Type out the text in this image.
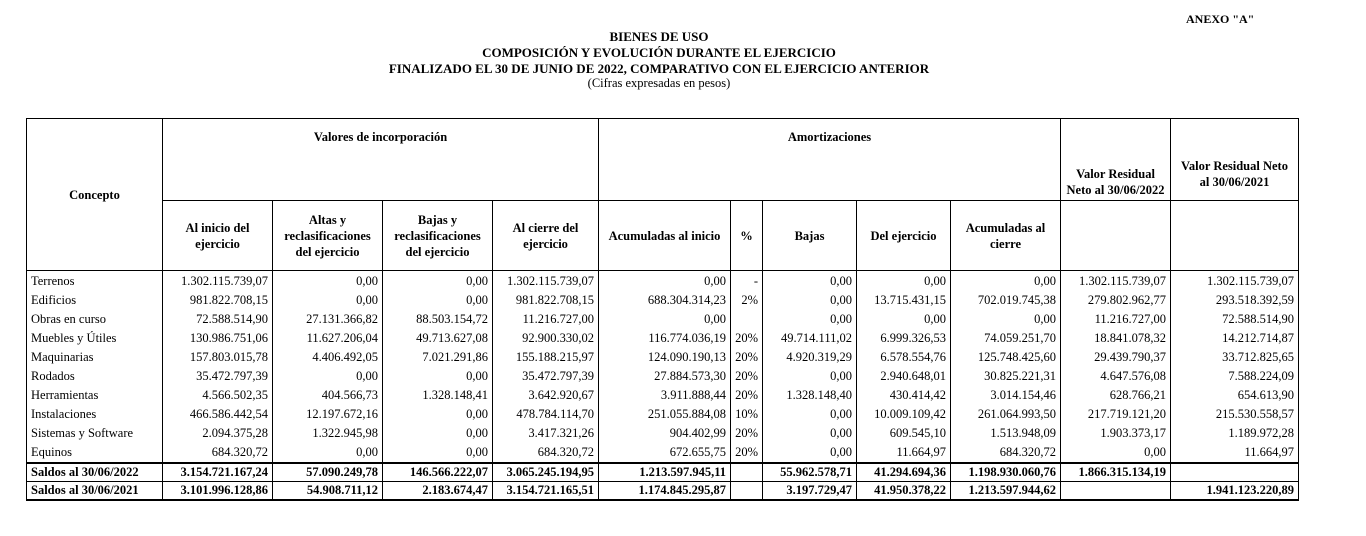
ANEXO "A"
BIENES DE USO
COMPOSICIÓN Y EVOLUCIÓN DURANTE EL EJERCICIO
FINALIZADO EL 30 DE JUNIO DE 2022, COMPARATIVO CON EL EJERCICIO ANTERIOR
(Cifras expresadas en pesos)
Concepto	Valores de incorporación				Amortizaciones					Valor Residual Neto al 30/06/2022	Valor Residual Neto al 30/06/2021
	Al inicio del ejercicio	Altas y reclasificaciones del ejercicio	Bajas y reclasificaciones del ejercicio	Al cierre del ejercicio	Acumuladas al inicio	%	Bajas	Del ejercicio	Acumuladas al cierre		
Terrenos	1.302.115.739,07	0,00	0,00	1.302.115.739,07	0,00	-	0,00	0,00	0,00	1.302.115.739,07	1.302.115.739,07
Edificios	981.822.708,15	0,00	0,00	981.822.708,15	688.304.314,23	2%	0,00	13.715.431,15	702.019.745,38	279.802.962,77	293.518.392,59
Obras en curso	72.588.514,90	27.131.366,82	88.503.154,72	11.216.727,00	0,00		0,00	0,00	0,00	11.216.727,00	72.588.514,90
Muebles y Útiles	130.986.751,06	11.627.206,04	49.713.627,08	92.900.330,02	116.774.036,19	20%	49.714.111,02	6.999.326,53	74.059.251,70	18.841.078,32	14.212.714,87
Maquinarias	157.803.015,78	4.406.492,05	7.021.291,86	155.188.215,97	124.090.190,13	20%	4.920.319,29	6.578.554,76	125.748.425,60	29.439.790,37	33.712.825,65
Rodados	35.472.797,39	0,00	0,00	35.472.797,39	27.884.573,30	20%	0,00	2.940.648,01	30.825.221,31	4.647.576,08	7.588.224,09
Herramientas	4.566.502,35	404.566,73	1.328.148,41	3.642.920,67	3.911.888,44	20%	1.328.148,40	430.414,42	3.014.154,46	628.766,21	654.613,90
Instalaciones	466.586.442,54	12.197.672,16	0,00	478.784.114,70	251.055.884,08	10%	0,00	10.009.109,42	261.064.993,50	217.719.121,20	215.530.558,57
Sistemas y Software	2.094.375,28	1.322.945,98	0,00	3.417.321,26	904.402,99	20%	0,00	609.545,10	1.513.948,09	1.903.373,17	1.189.972,28
Equinos	684.320,72	0,00	0,00	684.320,72	672.655,75	20%	0,00	11.664,97	684.320,72	0,00	11.664,97
Saldos al 30/06/2022	3.154.721.167,24	57.090.249,78	146.566.222,07	3.065.245.194,95	1.213.597.945,11		55.962.578,71	41.294.694,36	1.198.930.060,76	1.866.315.134,19	
Saldos al 30/06/2021	3.101.996.128,86	54.908.711,12	2.183.674,47	3.154.721.165,51	1.174.845.295,87		3.197.729,47	41.950.378,22	1.213.597.944,62		1.941.123.220,89
